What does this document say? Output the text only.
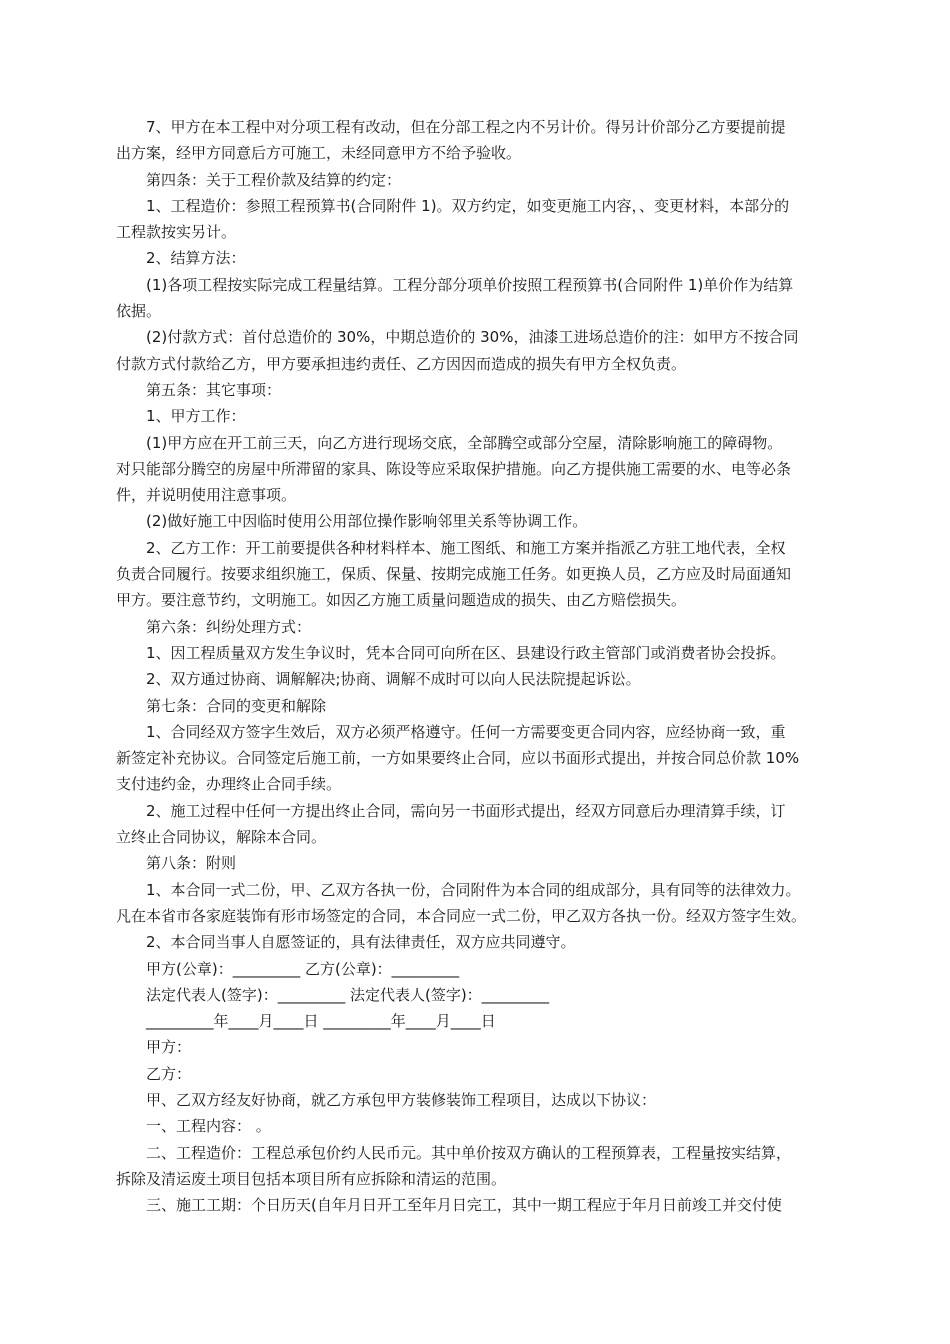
7、甲方在本工程中对分项工程有改动，但在分部工程之内不另计价。得另计价部分乙方要提前提
出方案，经甲方同意后方可施工，未经同意甲方不给予验收。
第四条：关于工程价款及结算的约定：
1、工程造价：参照工程预算书(合同附件 1)。双方约定，如变更施工内容，、变更材料，本部分的
工程款按实另计。
2、结算方法：
(1)各项工程按实际完成工程量结算。工程分部分项单价按照工程预算书(合同附件 1)单价作为结算
依据。
(2)付款方式：首付总造价的 30%，中期总造价的 30%，油漆工进场总造价的注：如甲方不按合同
付款方式付款给乙方，甲方要承担违约责任、乙方因因而造成的损失有甲方全权负责。
第五条：其它事项：
1、甲方工作：
(1)甲方应在开工前三天，向乙方进行现场交底，全部腾空或部分空屋，清除影响施工的障碍物。
对只能部分腾空的房屋中所滞留的家具、陈设等应采取保护措施。向乙方提供施工需要的水、电等必条
件，并说明使用注意事项。
(2)做好施工中因临时使用公用部位操作影响邻里关系等协调工作。
2、乙方工作：开工前要提供各种材料样本、施工图纸、和施工方案并指派乙方驻工地代表，全权
负责合同履行。按要求组织施工，保质、保量、按期完成施工任务。如更换人员，乙方应及时局面通知
甲方。要注意节约，文明施工。如因乙方施工质量问题造成的损失、由乙方赔偿损失。
第六条：纠纷处理方式：
1、因工程质量双方发生争议时，凭本合同可向所在区、县建设行政主管部门或消费者协会投拆。
2、双方通过协商、调解解决;协商、调解不成时可以向人民法院提起诉讼。
第七条：合同的变更和解除
1、合同经双方签字生效后，双方必须严格遵守。任何一方需要变更合同内容，应经协商一致，重
新签定补充协议。合同签定后施工前，一方如果要终止合同，应以书面形式提出，并按合同总价款 10%
支付违约金，办理终止合同手续。
2、施工过程中任何一方提出终止合同，需向另一书面形式提出，经双方同意后办理清算手续，订
立终止合同协议，解除本合同。
第八条：附则
1、本合同一式二份，甲、乙双方各执一份，合同附件为本合同的组成部分，具有同等的法律效力。
凡在本省市各家庭装饰有形市场签定的合同，本合同应一式二份，甲乙双方各执一份。经双方签字生效。
2、本合同当事人自愿签证的，具有法律责任，双方应共同遵守。
甲方(公章)：_________ 乙方(公章)：_________
法定代表人(签字)：_________ 法定代表人(签字)：_________
_________年____月____日 _________年____月____日
甲方：
乙方：
甲、乙双方经友好协商，就乙方承包甲方装修装饰工程项目，达成以下协议：
一、工程内容： 。
二、工程造价：工程总承包价约人民币元。其中单价按双方确认的工程预算表，工程量按实结算，
拆除及清运废土项目包括本项目所有应拆除和清运的范围。
三、施工工期：个日历天(自年月日开工至年月日完工，其中一期工程应于年月日前竣工并交付使
